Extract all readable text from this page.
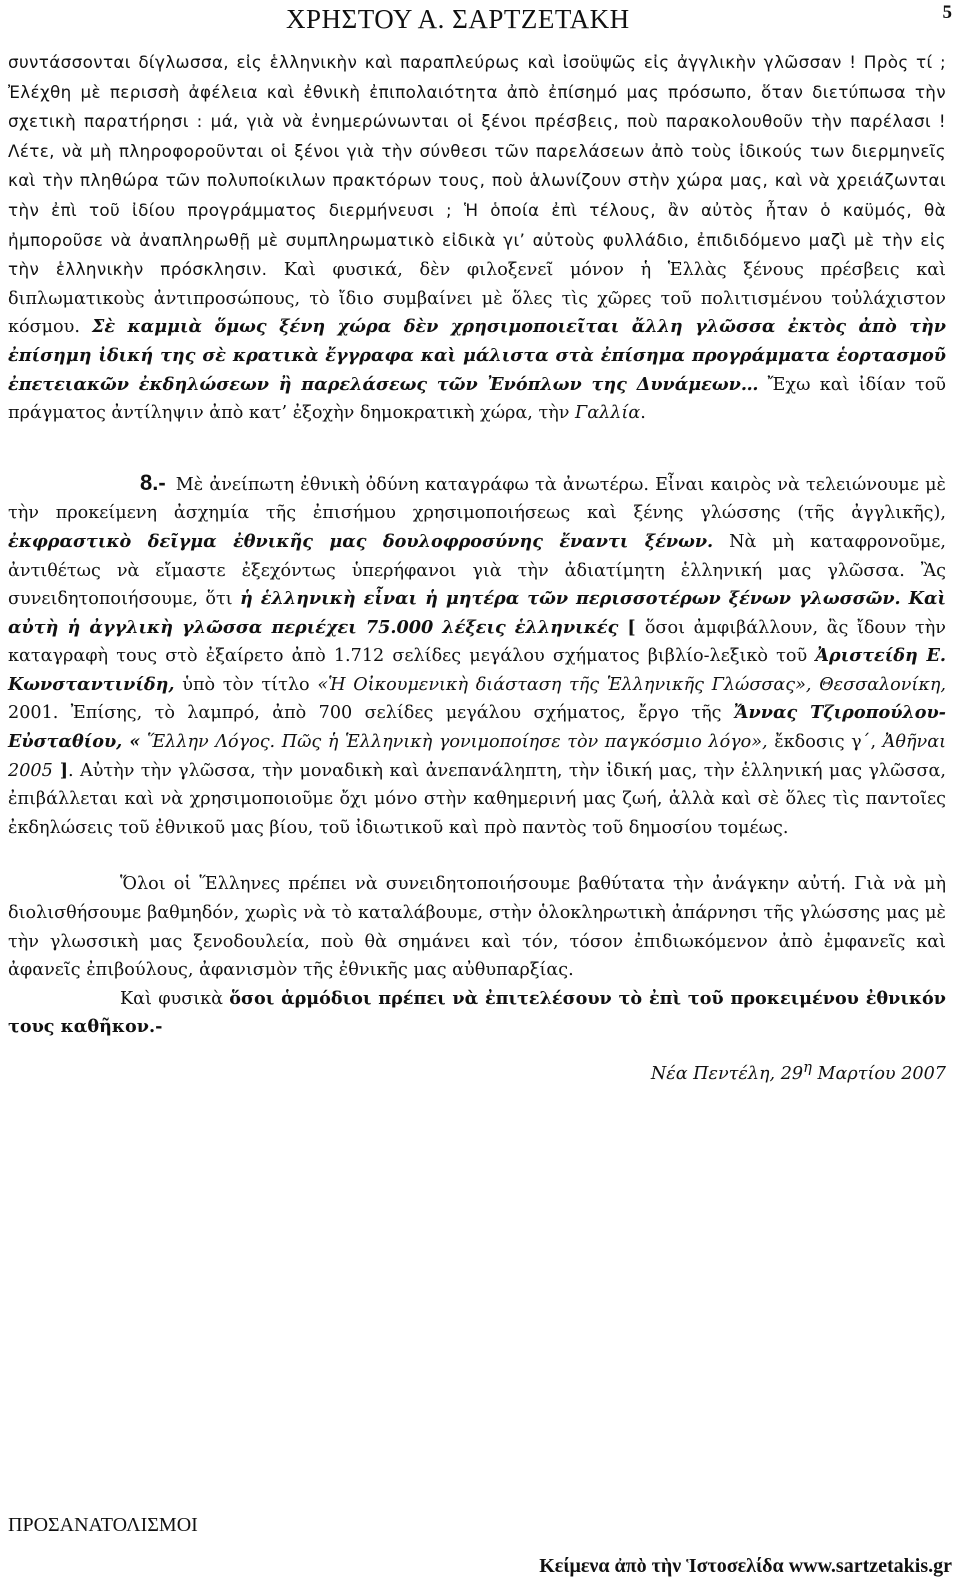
ΧΡΗΣΤΟΥ Α. ΣΑΡΤΖΕΤΑΚΗ	5

συντάσσονται δίγλωσσα, εἰς ἑλληνικὴν καὶ παραπλεύρως καὶ ἰσοϋψῶς εἰς ἀγγλικὴν γλῶσσαν ! Πρὸς τί ; Ἐλέχθη μὲ περισσὴ ἀφέλεια καὶ ἐθνικὴ ἐπιπολαιότητα ἀπὸ ἐπίσημό μας πρόσωπο, ὅταν διετύπωσα τὴν σχετικὴ παρατήρησι : μά, γιὰ νὰ ἐνημερώνωνται οἱ ξένοι πρέσβεις, ποὺ παρακολουθοῦν τὴν παρέλασι ! Λέτε, νὰ μὴ πληροφοροῦνται οἱ ξένοι γιὰ τὴν σύνθεσι τῶν παρελάσεων ἀπὸ τοὺς ἰδικούς των διερμηνεῖς καὶ τὴν πληθώρα τῶν πολυποίκιλων πρακτόρων τους, ποὺ ἁλωνίζουν στὴν χώρα μας, καὶ νὰ χρειάζωνται τὴν ἐπὶ τοῦ ἰδίου προγράμματος διερμήνευσι ; Ἡ ὁποία ἐπὶ τέλους, ἂν αὐτὸς ἦταν ὁ καϋμός, θὰ ἠμποροῦσε νὰ ἀναπληρωθῇ μὲ συμπληρωματικὸ εἰδικὰ γι’ αὐτοὺς φυλλάδιο, ἐπιδιδόμενο μαζὶ μὲ τὴν εἰς τὴν ἑλληνικὴν πρόσκλησιν. Καὶ φυσικά, δὲν φιλοξενεῖ μόνον ἡ Ἑλλὰς ξένους πρέσβεις καὶ διπλωματικοὺς ἀντιπροσώπους, τὸ ἴδιο συμβαίνει μὲ ὅλες τὶς χῶρες τοῦ πολιτισμένου τοὐλάχιστον κόσμου. Σὲ καμμιὰ ὅμως ξένη χώρα δὲν χρησιμοποιεῖται ἄλλη γλῶσσα ἐκτὸς ἀπὸ τὴν ἐπίσημη ἰδική της σὲ κρατικὰ ἔγγραφα καὶ μάλιστα στὰ ἐπίσημα προγράμματα ἑορτασμοῦ ἐπετειακῶν ἐκδηλώσεων ἢ παρελάσεως τῶν Ἐνόπλων της Δυνάμεων… Ἔχω καὶ ἰδίαν τοῦ πράγματος ἀντίληψιν ἀπὸ κατ’ ἐξοχὴν δημοκρατικὴ χώρα, τὴν Γαλλία.

8.- Μὲ ἀνείπωτη ἐθνικὴ ὀδύνη καταγράφω τὰ ἀνωτέρω. Εἶναι καιρὸς νὰ τελειώνουμε μὲ τὴν προκείμενη ἀσχημία τῆς ἐπισήμου χρησιμοποιήσεως καὶ ξένης γλώσσης (τῆς ἀγγλικῆς), ἐκφραστικὸ δεῖγμα ἐθνικῆς μας δουλοφροσύνης ἔναντι ξένων. Νὰ μὴ καταφρονοῦμε, ἀντιθέτως νὰ εἴμαστε ἐξεχόντως ὑπερήφανοι γιὰ τὴν ἀδιατίμητη ἑλληνική μας γλῶσσα. Ἂς συνειδητοποιήσουμε, ὅτι ἡ ἑλληνικὴ εἶναι ἡ μητέρα τῶν περισσοτέρων ξένων γλωσσῶν. Καὶ αὐτὴ ἡ ἀγγλικὴ γλῶσσα περιέχει 75.000 λέξεις ἑλληνικές [ ὅσοι ἀμφιβάλλουν, ἂς ἴδουν τὴν καταγραφὴ τους στὸ ἐξαίρετο ἀπὸ 1.712 σελίδες μεγάλου σχήματος βιβλίο-λεξικὸ τοῦ Ἀριστείδη Ε. Κωνσταντινίδη, ὑπὸ τὸν τίτλο «Ἡ Οἰκουμενικὴ διάσταση τῆς Ἑλληνικῆς Γλώσσας», Θεσσαλονίκη, 2001. Ἐπίσης, τὸ λαμπρό, ἀπὸ 700 σελίδες μεγάλου σχήματος, ἔργο τῆς Ἄννας Τζιροπούλου-Εὐσταθίου, « Ἕλλην Λόγος. Πῶς ἡ Ἑλληνικὴ γονιμοποίησε τὸν παγκόσμιο λόγο», ἔκδοσις γ΄, Ἀθῆναι 2005 ]. Αὐτὴν τὴν γλῶσσα, τὴν μοναδικὴ καὶ ἀνεπανάληπτη, τὴν ἰδική μας, τὴν ἑλληνική μας γλῶσσα, ἐπιβάλλεται καὶ νὰ χρησιμοποιοῦμε ὄχι μόνο στὴν καθημερινή μας ζωή, ἀλλὰ καὶ σὲ ὅλες τὶς παντοῖες ἐκδηλώσεις τοῦ ἐθνικοῦ μας βίου, τοῦ ἰδιωτικοῦ καὶ πρὸ παντὸς τοῦ δημοσίου τομέως.

Ὅλοι οἱ Ἕλληνες πρέπει νὰ συνειδητοποιήσουμε βαθύτατα τὴν ἀνάγκην αὐτή. Γιὰ νὰ μὴ διολισθήσουμε βαθμηδόν, χωρὶς νὰ τὸ καταλάβουμε, στὴν ὁλοκληρωτικὴ ἀπάρνησι τῆς γλώσσης μας μὲ τὴν γλωσσικὴ μας ξενοδουλεία, ποὺ θὰ σημάνει καὶ τόν, τόσον ἐπιδιωκόμενον ἀπὸ ἐμφανεῖς καὶ ἀφανεῖς ἐπιβούλους, ἀφανισμὸν τῆς ἐθνικῆς μας αὐθυπαρξίας.

Καὶ φυσικὰ ὅσοι ἁρμόδιοι πρέπει νὰ ἐπιτελέσουν τὸ ἐπὶ τοῦ προκειμένου ἐθνικόν τους καθῆκον.-

Νέα Πεντέλη, $29^\eta$ Μαρτίου 2007

ΠΡΟΣΑΝΑΤΟΛΙΣΜΟΙ
Κείμενα ἀπὸ τὴν Ἱστοσελίδα www.sartzetakis.gr
